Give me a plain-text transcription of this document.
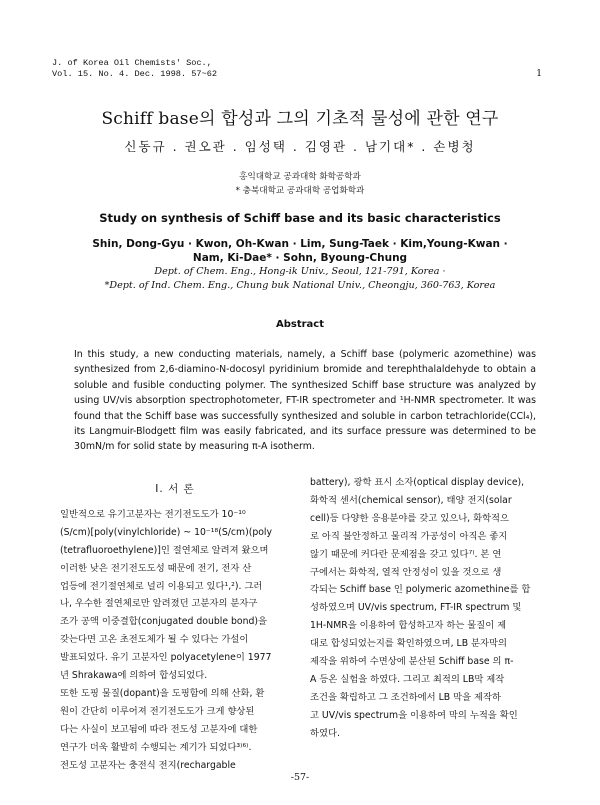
J. of Korea Oil Chemists' Soc.,
Vol. 15. No. 4. Dec. 1998. 57~62	1
Schiff base의 합성과 그의 기초적 물성에 관한 연구
신동규 . 권오관 . 임성택 . 김영관 . 남기대* . 손병청
홍익대학교 공과대학 화학공학과
* 충북대학교 공과대학 공업화학과
Study on synthesis of Schiff base and its basic characteristics
Shin, Dong-Gyu · Kwon, Oh-Kwan · Lim, Sung-Taek · Kim,Young-Kwan ·
Nam, Ki-Dae* · Sohn, Byoung-Chung
Dept. of Chem. Eng., Hong-ik Univ., Seoul, 121-791, Korea ·
*Dept. of Ind. Chem. Eng., Chung buk National Univ., Cheongju, 360-763, Korea
Abstract
In this study, a new conducting materials, namely, a Schiff base (polymeric azomethine) was synthesized from 2,6-diamino-N-docosyl pyridinium bromide and terephthalaldehyde to obtain a soluble and fusible conducting polymer. The synthesized Schiff base structure was analyzed by using UV/vis absorption spectrophotometer, FT-IR spectrometer and ¹H-NMR spectrometer. It was found that the Schiff base was successfully synthesized and soluble in carbon tetrachloride(CCl₄), its Langmuir-Blodgett film was easily fabricated, and its surface pressure was determined to be 30mN/m for solid state by measuring π-A isotherm.
Ⅰ. 서 론
일반적으로 유기고분자는 전기전도도가 10⁻¹⁰
(S/cm)[poly(vinylchloride) ~ 10⁻¹⁸(S/cm)(poly
(tetrafluoroethylene)]인 절연체로 알려져 왔으며
이러한 낮은 전기전도도성 때문에 전기, 전자 산
업등에 전기절연체로 널리 이용되고 있다¹,²). 그러
나, 우수한 절연체로만 알려졌던 고분자의 분자구
조가 공액 이중결합(conjugated double bond)을
갖는다면 고온 초전도체가 될 수 있다는 가설이
발표되었다. 유기 고분자인 polyacetylene이 1977
년 Shrakawa에 의하여 합성되었다.
또한 도핑 물질(dopant)을 도핑함에 의해 산화, 환
원이 간단히 이루어져 전기전도도가 크게 향상된
다는 사실이 보고됨에 따라 전도성 고분자에 대한
연구가 더욱 활발히 수행되는 계기가 되었다³⁾⁶⁾.
전도성 고분자는 충전식 전지(rechargable
battery), 광학 표시 소자(optical display device),
화학적 센서(chemical sensor), 태양 전지(solar
cell)등 다양한 응용분야를 갖고 있으나, 화학적으
로 아직 불안정하고 물리적 가공성이 아직은 좋지
않기 때문에 커다란 문제점을 갖고 있다⁷⁾. 본 연
구에서는 화학적, 열적 안정성이 있을 것으로 생
각되는 Schiff base 인 polymeric azomethine를 합
성하였으며 UV/vis spectrum, FT-IR spectrum 및
1H-NMR을 이용하여 합성하고자 하는 물질이 제
대로 합성되었는지를 확인하였으며, LB 분자막의
제작을 위하여 수면상에 분산된 Schiff base 의 π-
A 등온 실험을 하였다. 그리고 최적의 LB막 제작
조건을 확립하고 그 조건하에서 LB 막을 제작하
고 UV/vis spectrum을 이용하여 막의 누적을 확인
하였다.
-57-
